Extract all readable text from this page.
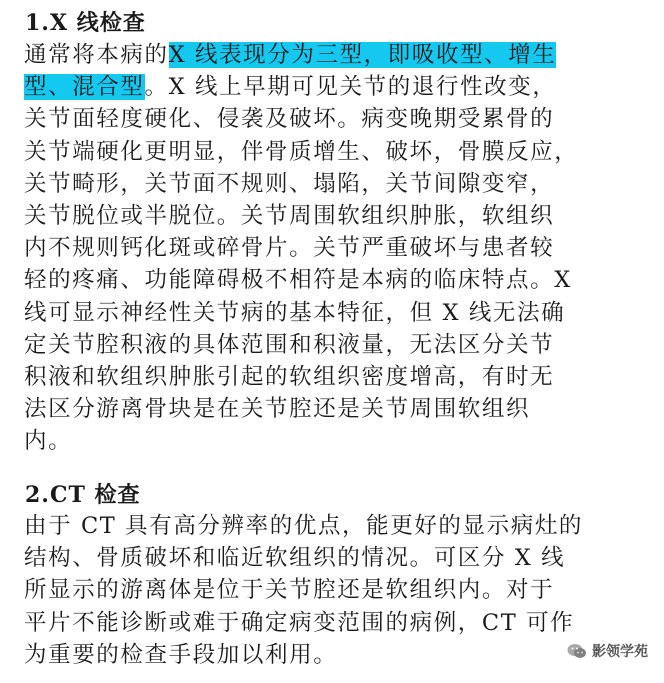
1.X 线检查
通常将本病的X 线表现分为三型，即吸收型、增生
型、混合型。X 线上早期可见关节的退行性改变，
关节面轻度硬化、侵袭及破坏。病变晚期受累骨的
关节端硬化更明显，伴骨质增生、破坏，骨膜反应，
关节畸形，关节面不规则、塌陷，关节间隙变窄，
关节脱位或半脱位。关节周围软组织肿胀，软组织
内不规则钙化斑或碎骨片。关节严重破坏与患者较
轻的疼痛、功能障碍极不相符是本病的临床特点。X
线可显示神经性关节病的基本特征，但 X 线无法确
定关节腔积液的具体范围和积液量，无法区分关节
积液和软组织肿胀引起的软组织密度增高，有时无
法区分游离骨块是在关节腔还是关节周围软组织
内。
2.CT 检查
由于 CT 具有高分辨率的优点，能更好的显示病灶的
结构、骨质破坏和临近软组织的情况。可区分 X 线
所显示的游离体是位于关节腔还是软组织内。对于
平片不能诊断或难于确定病变范围的病例，CT 可作
为重要的检查手段加以利用。	影领学苑
